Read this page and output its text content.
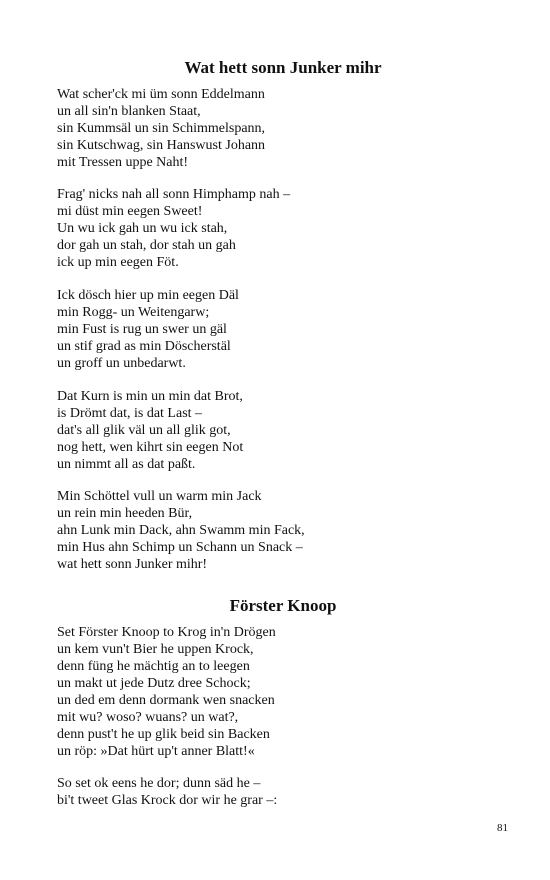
Wat hett sonn Junker mihr

Wat scher'ck mi üm sonn Eddelmann
un all sin'n blanken Staat,
sin Kummsäl un sin Schimmelspann,
sin Kutschwag, sin Hanswust Johann
mit Tressen uppe Naht!

Frag' nicks nah all sonn Himphamp nah –
mi düst min eegen Sweet!
Un wu ick gah un wu ick stah,
dor gah un stah, dor stah un gah
ick up min eegen Föt.

Ick dösch hier up min eegen Däl
min Rogg- un Weitengarw;
min Fust is rug un swer un gäl
un stif grad as min Döscherstäl
un groff un unbedarwt.

Dat Kurn is min un min dat Brot,
is Drömt dat, is dat Last –
dat's all glik väl un all glik got,
nog hett, wen kihrt sin eegen Not
un nimmt all as dat paßt.

Min Schöttel vull un warm min Jack
un rein min heeden Bür,
ahn Lunk min Dack, ahn Swamm min Fack,
min Hus ahn Schimp un Schann un Snack –
wat hett sonn Junker mihr!

Förster Knoop

Set Förster Knoop to Krog in'n Drögen
un kem vun't Bier he uppen Krock,
denn füng he mächtig an to leegen
un makt ut jede Dutz dree Schock;
un ded em denn dormank wen snacken
mit wu? woso? wuans? un wat?,
denn pust't he up glik beid sin Backen
un röp: »Dat hürt up't anner Blatt!«

So set ok eens he dor; dunn säd he –
bi't tweet Glas Krock dor wir he grar –:

81
